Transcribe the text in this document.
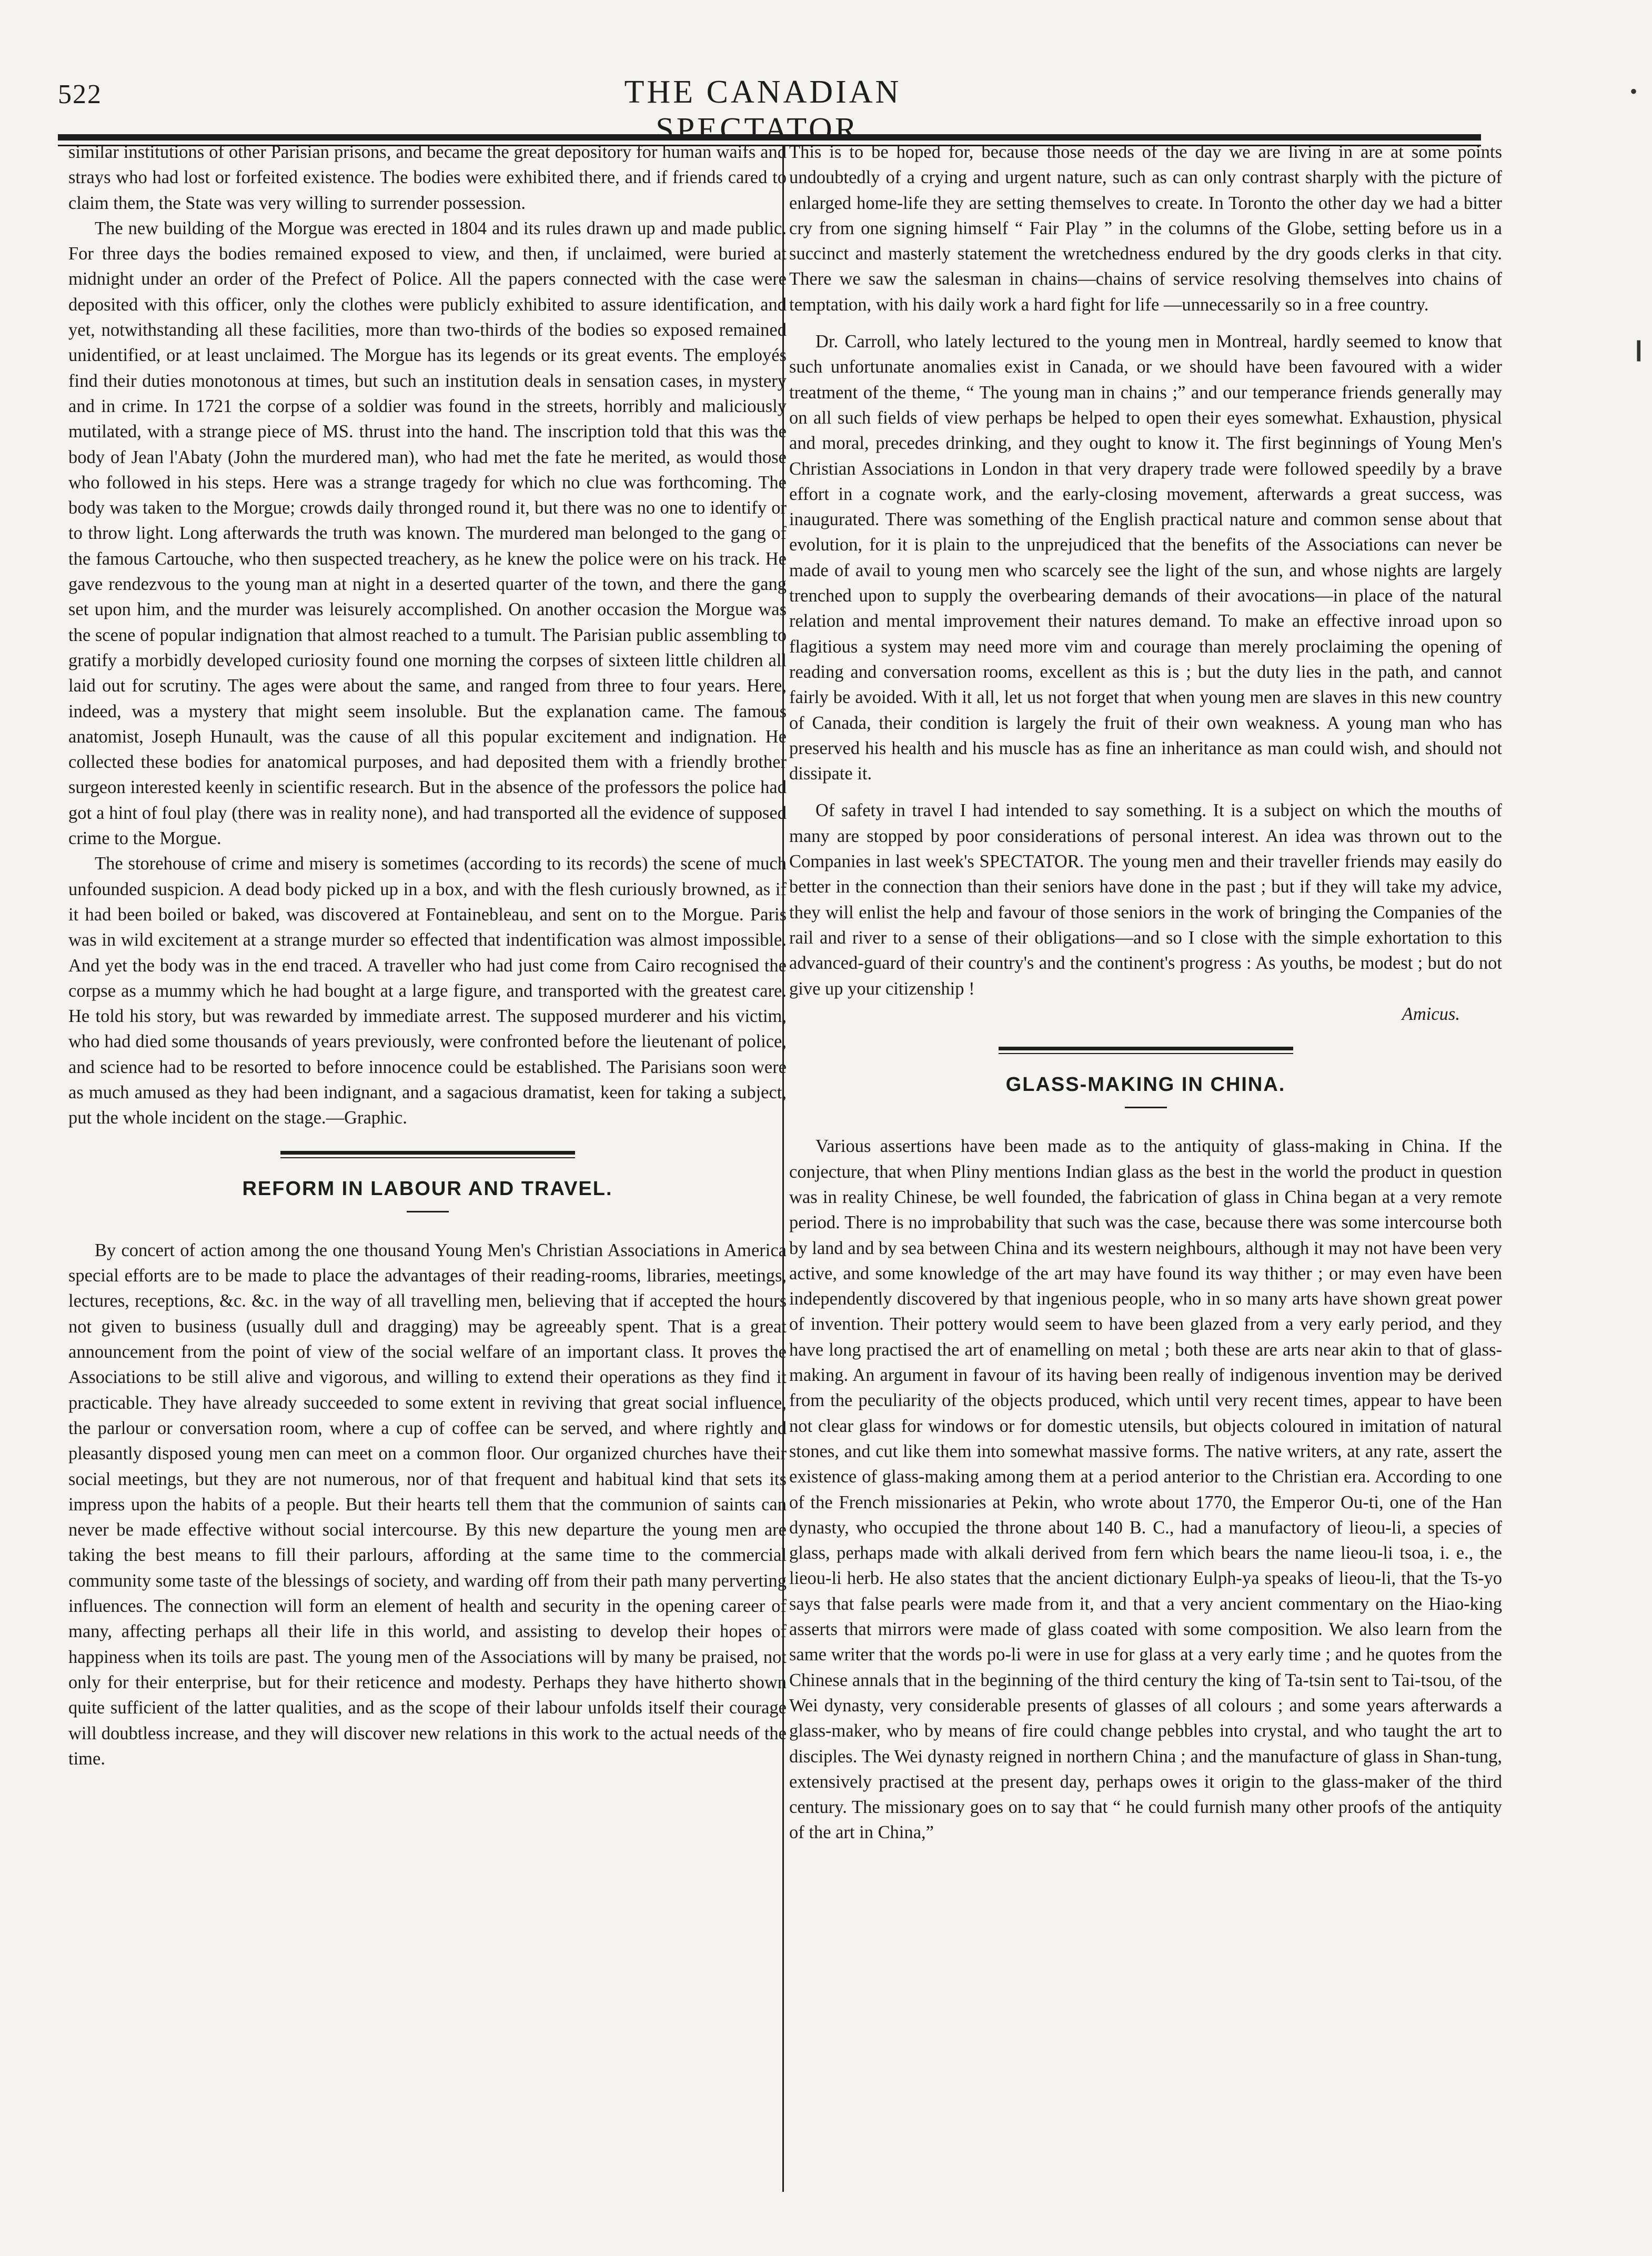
522	THE CANADIAN SPECTATOR.

similar institutions of other Parisian prisons, and became the great depository for human waifs and strays who had lost or forfeited existence. The bodies were exhibited there, and if friends cared to claim them, the State was very willing to surrender possession.

The new building of the Morgue was erected in 1804 and its rules drawn up and made public. For three days the bodies remained exposed to view, and then, if unclaimed, were buried at midnight under an order of the Prefect of Police. All the papers connected with the case were deposited with this officer, only the clothes were publicly exhibited to assure identification, and yet, notwithstanding all these facilities, more than two-thirds of the bodies so exposed remained unidentified, or at least unclaimed. The Morgue has its legends or its great events. The employés find their duties monotonous at times, but such an institution deals in sensation cases, in mystery and in crime. In 1721 the corpse of a soldier was found in the streets, horribly and maliciously mutilated, with a strange piece of MS. thrust into the hand. The inscription told that this was the body of Jean l'Abaty (John the murdered man), who had met the fate he merited, as would those who followed in his steps. Here was a strange tragedy for which no clue was forthcoming. The body was taken to the Morgue; crowds daily thronged round it, but there was no one to identify or to throw light. Long afterwards the truth was known. The murdered man belonged to the gang of the famous Cartouche, who then suspected treachery, as he knew the police were on his track. He gave rendezvous to the young man at night in a deserted quarter of the town, and there the gang set upon him, and the murder was leisurely accomplished. On another occasion the Morgue was the scene of popular indignation that almost reached to a tumult. The Parisian public assembling to gratify a morbidly developed curiosity found one morning the corpses of sixteen little children all laid out for scrutiny. The ages were about the same, and ranged from three to four years. Here, indeed, was a mystery that might seem insoluble. But the explanation came. The famous anatomist, Joseph Hunault, was the cause of all this popular excitement and indignation. He collected these bodies for anatomical purposes, and had deposited them with a friendly brother surgeon interested keenly in scientific research. But in the absence of the professors the police had got a hint of foul play (there was in reality none), and had transported all the evidence of supposed crime to the Morgue.

The storehouse of crime and misery is sometimes (according to its records) the scene of much unfounded suspicion. A dead body picked up in a box, and with the flesh curiously browned, as if it had been boiled or baked, was discovered at Fontainebleau, and sent on to the Morgue. Paris was in wild excitement at a strange murder so effected that indentification was almost impossible. And yet the body was in the end traced. A traveller who had just come from Cairo recognised the corpse as a mummy which he had bought at a large figure, and transported with the greatest care. He told his story, but was rewarded by immediate arrest. The supposed murderer and his victim, who had died some thousands of years previously, were confronted before the lieutenant of police, and science had to be resorted to before innocence could be established. The Parisians soon were as much amused as they had been indignant, and a sagacious dramatist, keen for taking a subject, put the whole incident on the stage.—Graphic.

REFORM IN LABOUR AND TRAVEL.

By concert of action among the one thousand Young Men's Christian Associations in America special efforts are to be made to place the advantages of their reading-rooms, libraries, meetings, lectures, receptions, &c. &c. in the way of all travelling men, believing that if accepted the hours not given to business (usually dull and dragging) may be agreeably spent. That is a great announcement from the point of view of the social welfare of an important class. It proves the Associations to be still alive and vigorous, and willing to extend their operations as they find it practicable. They have already succeeded to some extent in reviving that great social influence, the parlour or conversation room, where a cup of coffee can be served, and where rightly and pleasantly disposed young men can meet on a common floor. Our organized churches have their social meetings, but they are not numerous, nor of that frequent and habitual kind that sets its impress upon the habits of a people. But their hearts tell them that the communion of saints can never be made effective without social intercourse. By this new departure the young men are taking the best means to fill their parlours, affording at the same time to the commercial community some taste of the blessings of society, and warding off from their path many perverting influences. The connection will form an element of health and security in the opening career of many, affecting perhaps all their life in this world, and assisting to develop their hopes of happiness when its toils are past. The young men of the Associations will by many be praised, not only for their enterprise, but for their reticence and modesty. Perhaps they have hitherto shown quite sufficient of the latter qualities, and as the scope of their labour unfolds itself their courage will doubtless increase, and they will discover new relations in this work to the actual needs of the time.

This is to be hoped for, because those needs of the day we are living in are at some points undoubtedly of a crying and urgent nature, such as can only contrast sharply with the picture of enlarged home-life they are setting themselves to create. In Toronto the other day we had a bitter cry from one signing himself “ Fair Play ” in the columns of the Globe, setting before us in a succinct and masterly statement the wretchedness endured by the dry goods clerks in that city. There we saw the salesman in chains—chains of service resolving themselves into chains of temptation, with his daily work a hard fight for life —unnecessarily so in a free country.

Dr. Carroll, who lately lectured to the young men in Montreal, hardly seemed to know that such unfortunate anomalies exist in Canada, or we should have been favoured with a wider treatment of the theme, “ The young man in chains ;” and our temperance friends generally may on all such fields of view perhaps be helped to open their eyes somewhat. Exhaustion, physical and moral, precedes drinking, and they ought to know it. The first beginnings of Young Men's Christian Associations in London in that very drapery trade were followed speedily by a brave effort in a cognate work, and the early-closing movement, afterwards a great success, was inaugurated. There was something of the English practical nature and common sense about that evolution, for it is plain to the unprejudiced that the benefits of the Associations can never be made of avail to young men who scarcely see the light of the sun, and whose nights are largely trenched upon to supply the overbearing demands of their avocations—in place of the natural relation and mental improvement their natures demand. To make an effective inroad upon so flagitious a system may need more vim and courage than merely proclaiming the opening of reading and conversation rooms, excellent as this is ; but the duty lies in the path, and cannot fairly be avoided. With it all, let us not forget that when young men are slaves in this new country of Canada, their condition is largely the fruit of their own weakness. A young man who has preserved his health and his muscle has as fine an inheritance as man could wish, and should not dissipate it.

Of safety in travel I had intended to say something. It is a subject on which the mouths of many are stopped by poor considerations of personal interest. An idea was thrown out to the Companies in last week's SPECTATOR. The young men and their traveller friends may easily do better in the connection than their seniors have done in the past ; but if they will take my advice, they will enlist the help and favour of those seniors in the work of bringing the Companies of the rail and river to a sense of their obligations—and so I close with the simple exhortation to this advanced-guard of their country's and the continent's progress : As youths, be modest ; but do not give up your citizenship !

Amicus.
GLASS-MAKING IN CHINA.

Various assertions have been made as to the antiquity of glass-making in China. If the conjecture, that when Pliny mentions Indian glass as the best in the world the product in question was in reality Chinese, be well founded, the fabrication of glass in China began at a very remote period. There is no improbability that such was the case, because there was some intercourse both by land and by sea between China and its western neighbours, although it may not have been very active, and some knowledge of the art may have found its way thither ; or may even have been independently discovered by that ingenious people, who in so many arts have shown great power of invention. Their pottery would seem to have been glazed from a very early period, and they have long practised the art of enamelling on metal ; both these are arts near akin to that of glass-making. An argument in favour of its having been really of indigenous invention may be derived from the peculiarity of the objects produced, which until very recent times, appear to have been not clear glass for windows or for domestic utensils, but objects coloured in imitation of natural stones, and cut like them into somewhat massive forms. The native writers, at any rate, assert the existence of glass-making among them at a period anterior to the Christian era. According to one of the French missionaries at Pekin, who wrote about 1770, the Emperor Ou-ti, one of the Han dynasty, who occupied the throne about 140 B. C., had a manufactory of lieou-li, a species of glass, perhaps made with alkali derived from fern which bears the name lieou-li tsoa, i. e., the lieou-li herb. He also states that the ancient dictionary Eulph-ya speaks of lieou-li, that the Ts-yo says that false pearls were made from it, and that a very ancient commentary on the Hiao-king asserts that mirrors were made of glass coated with some composition. We also learn from the same writer that the words po-li were in use for glass at a very early time ; and he quotes from the Chinese annals that in the beginning of the third century the king of Ta-tsin sent to Tai-tsou, of the Wei dynasty, very considerable presents of glasses of all colours ; and some years afterwards a glass-maker, who by means of fire could change pebbles into crystal, and who taught the art to disciples. The Wei dynasty reigned in northern China ; and the manufacture of glass in Shan-tung, extensively practised at the present day, perhaps owes it origin to the glass-maker of the third century. The missionary goes on to say that “ he could furnish many other proofs of the antiquity of the art in China,”

•
❙
